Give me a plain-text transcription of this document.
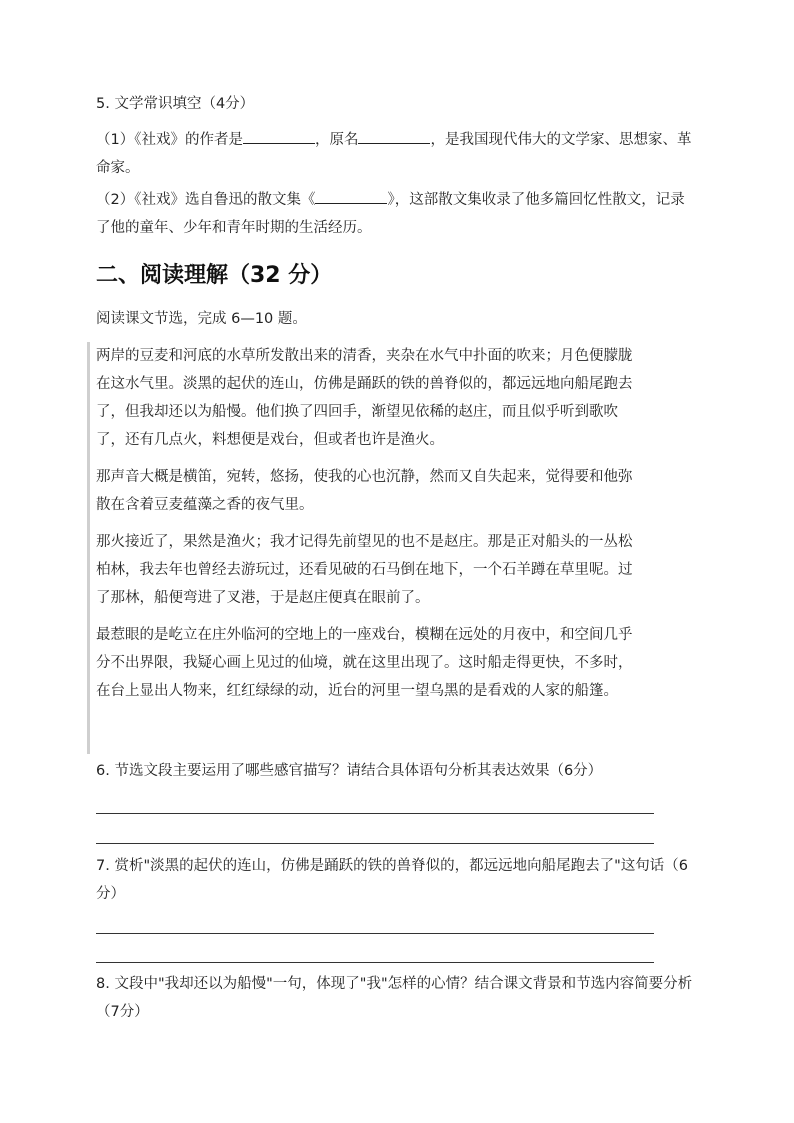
5. 文学常识填空（4分）

（1）《社戏》的作者是	，原名	，是我国现代伟大的文学家、思想家、革命家。

（2）《社戏》选自鲁迅的散文集《	》，这部散文集收录了他多篇回忆性散文，记录了他的童年、少年和青年时期的生活经历。

二、阅读理解（32 分）

阅读课文节选，完成 6—10 题。

两岸的豆麦和河底的水草所发散出来的清香，夹杂在水气中扑面的吹来；月色便朦胧在这水气里。淡黑的起伏的连山，仿佛是踊跃的铁的兽脊似的，都远远地向船尾跑去了，但我却还以为船慢。他们换了四回手，渐望见依稀的赵庄，而且似乎听到歌吹了，还有几点火，料想便是戏台，但或者也许是渔火。

那声音大概是横笛，宛转，悠扬，使我的心也沉静，然而又自失起来，觉得要和他弥散在含着豆麦蕴藻之香的夜气里。

那火接近了，果然是渔火；我才记得先前望见的也不是赵庄。那是正对船头的一丛松柏林，我去年也曾经去游玩过，还看见破的石马倒在地下，一个石羊蹲在草里呢。过了那林，船便弯进了叉港，于是赵庄便真在眼前了。

最惹眼的是屹立在庄外临河的空地上的一座戏台，模糊在远处的月夜中，和空间几乎分不出界限，我疑心画上见过的仙境，就在这里出现了。这时船走得更快，不多时，在台上显出人物来，红红绿绿的动，近台的河里一望乌黑的是看戏的人家的船篷。

6. 节选文段主要运用了哪些感官描写？请结合具体语句分析其表达效果（6分）

7. 赏析"淡黑的起伏的连山，仿佛是踊跃的铁的兽脊似的，都远远地向船尾跑去了"这句话（6分）

8. 文段中"我却还以为船慢"一句，体现了"我"怎样的心情？结合课文背景和节选内容简要分析（7分）
